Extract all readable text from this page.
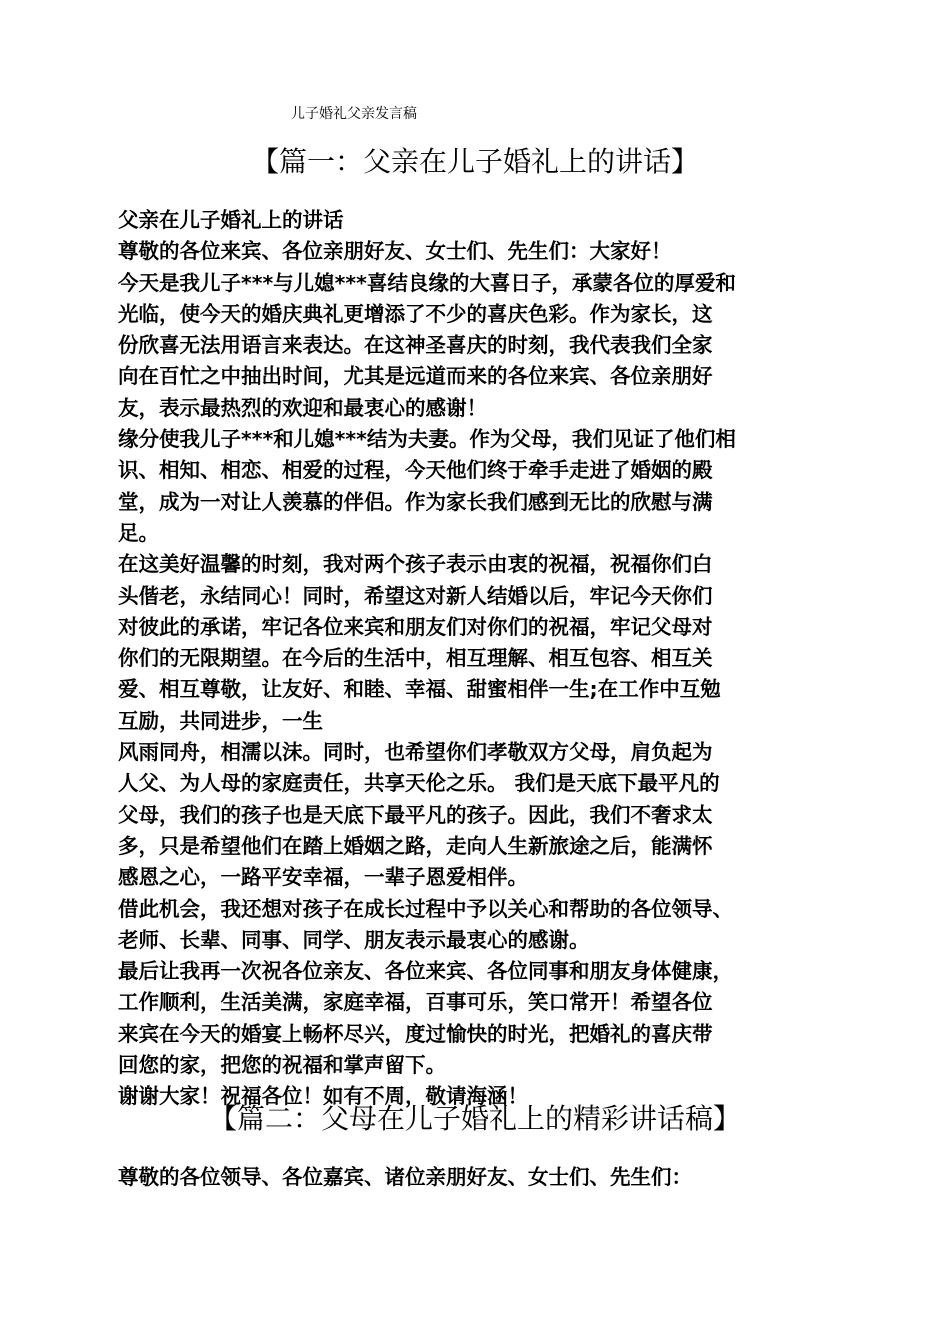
儿子婚礼父亲发言稿
【篇一：父亲在儿子婚礼上的讲话】
父亲在儿子婚礼上的讲话
尊敬的各位来宾、各位亲朋好友、女士们、先生们：大家好！
今天是我儿子***与儿媳***喜结良缘的大喜日子，承蒙各位的厚爱和
光临，使今天的婚庆典礼更增添了不少的喜庆色彩。作为家长，这
份欣喜无法用语言来表达。在这神圣喜庆的时刻，我代表我们全家
向在百忙之中抽出时间，尤其是远道而来的各位来宾、各位亲朋好
友，表示最热烈的欢迎和最衷心的感谢！
缘分使我儿子***和儿媳***结为夫妻。作为父母，我们见证了他们相
识、相知、相恋、相爱的过程，今天他们终于牵手走进了婚姻的殿
堂，成为一对让人羡慕的伴侣。作为家长我们感到无比的欣慰与满
足。
在这美好温馨的时刻，我对两个孩子表示由衷的祝福，祝福你们白
头偕老，永结同心！同时，希望这对新人结婚以后，牢记今天你们
对彼此的承诺，牢记各位来宾和朋友们对你们的祝福，牢记父母对
你们的无限期望。在今后的生活中，相互理解、相互包容、相互关
爱、相互尊敬，让友好、和睦、幸福、甜蜜相伴一生;在工作中互勉
互励，共同进步，一生
风雨同舟，相濡以沫。同时，也希望你们孝敬双方父母，肩负起为
人父、为人母的家庭责任，共享天伦之乐。 我们是天底下最平凡的
父母，我们的孩子也是天底下最平凡的孩子。因此，我们不奢求太
多，只是希望他们在踏上婚姻之路，走向人生新旅途之后，能满怀
感恩之心，一路平安幸福，一辈子恩爱相伴。
借此机会，我还想对孩子在成长过程中予以关心和帮助的各位领导、
老师、长辈、同事、同学、朋友表示最衷心的感谢。
最后让我再一次祝各位亲友、各位来宾、各位同事和朋友身体健康，
工作顺利，生活美满，家庭幸福，百事可乐，笑口常开！希望各位
来宾在今天的婚宴上畅杯尽兴，度过愉快的时光，把婚礼的喜庆带
回您的家，把您的祝福和掌声留下。
谢谢大家！祝福各位！如有不周，敬请海涵！
【篇二：父母在儿子婚礼上的精彩讲话稿】
尊敬的各位领导、各位嘉宾、诸位亲朋好友、女士们、先生们：
